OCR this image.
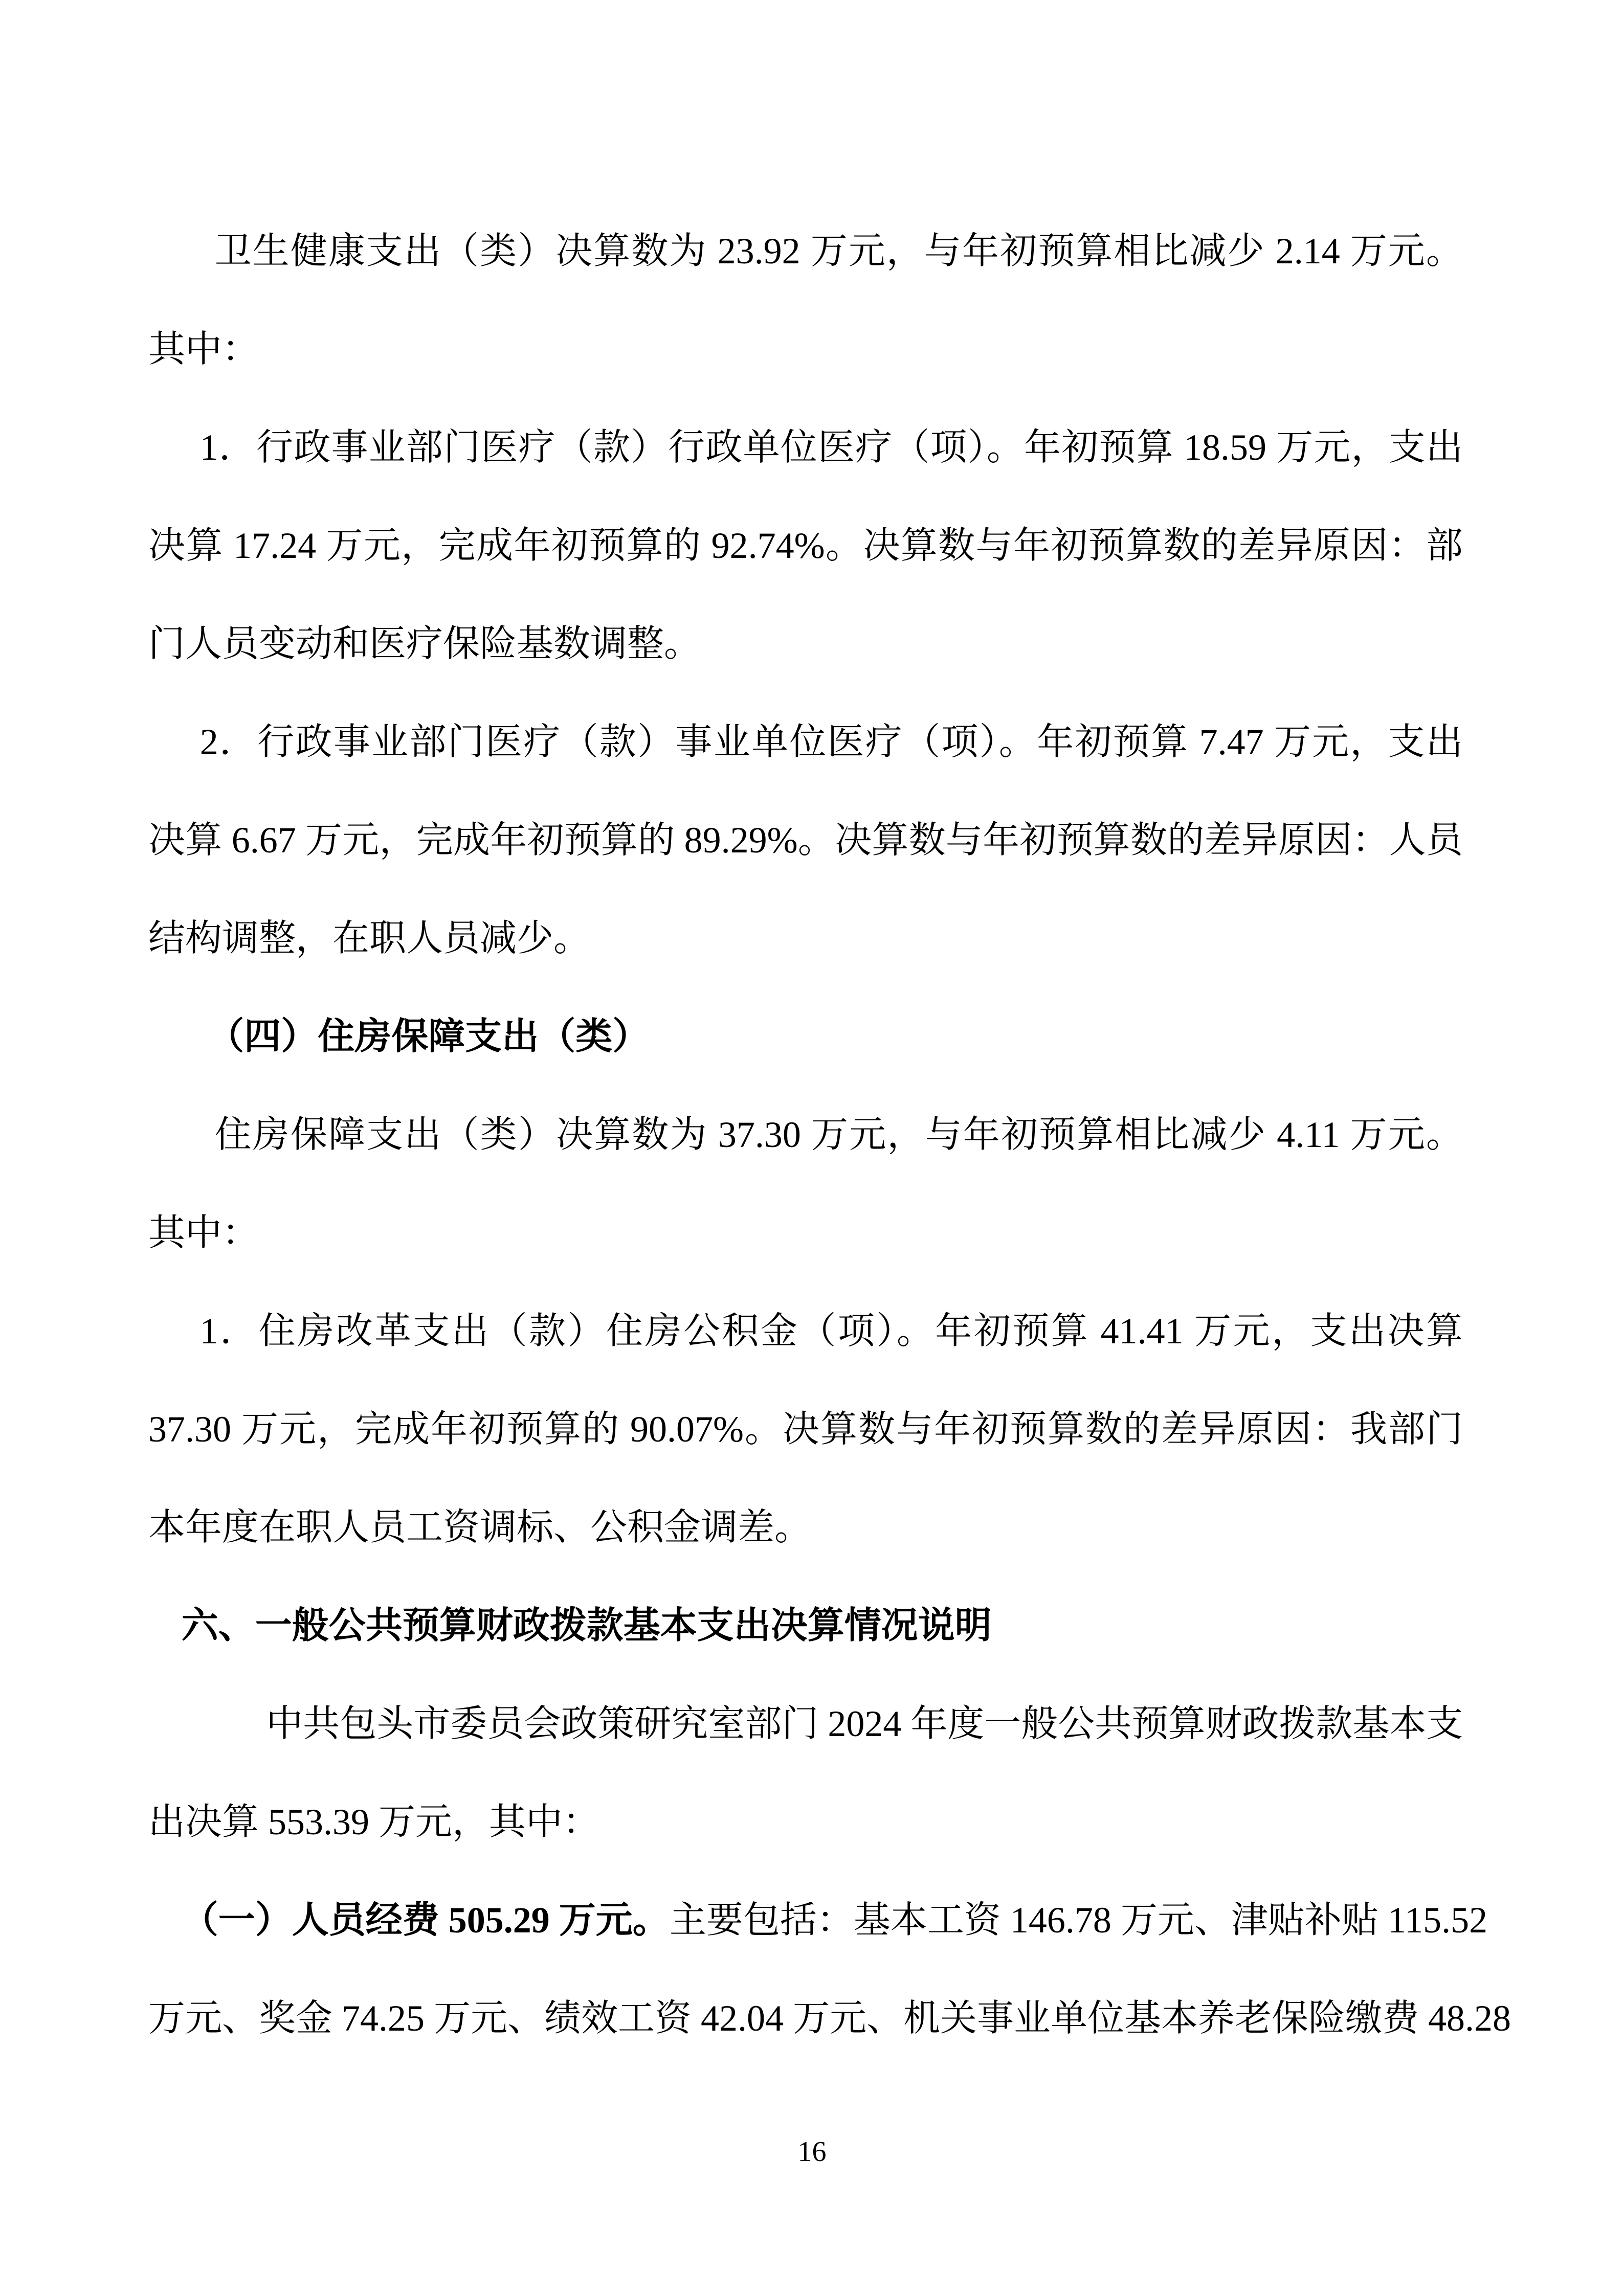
卫生健康支出（类）决算数为 23.92 万元，与年初预算相比减少 2.14 万元。
其中：
1．行政事业部门医疗（款）行政单位医疗（项）。年初预算 18.59 万元，支出
决算 17.24 万元，完成年初预算的 92.74%。决算数与年初预算数的差异原因：部
门人员变动和医疗保险基数调整。
2．行政事业部门医疗（款）事业单位医疗（项）。年初预算 7.47 万元，支出
决算 6.67 万元，完成年初预算的 89.29%。决算数与年初预算数的差异原因：人员
结构调整，在职人员减少。
（四）住房保障支出（类）
住房保障支出（类）决算数为 37.30 万元，与年初预算相比减少 4.11 万元。
其中：
1．住房改革支出（款）住房公积金（项）。年初预算 41.41 万元，支出决算
37.30 万元，完成年初预算的 90.07%。决算数与年初预算数的差异原因：我部门
本年度在职人员工资调标、公积金调差。
六、一般公共预算财政拨款基本支出决算情况说明
中共包头市委员会政策研究室部门 2024 年度一般公共预算财政拨款基本支
出决算 553.39 万元，其中：
（一）人员经费 505.29 万元。主要包括：基本工资 146.78 万元、津贴补贴 115.52
万元、奖金 74.25 万元、绩效工资 42.04 万元、机关事业单位基本养老保险缴费 48.28
16
